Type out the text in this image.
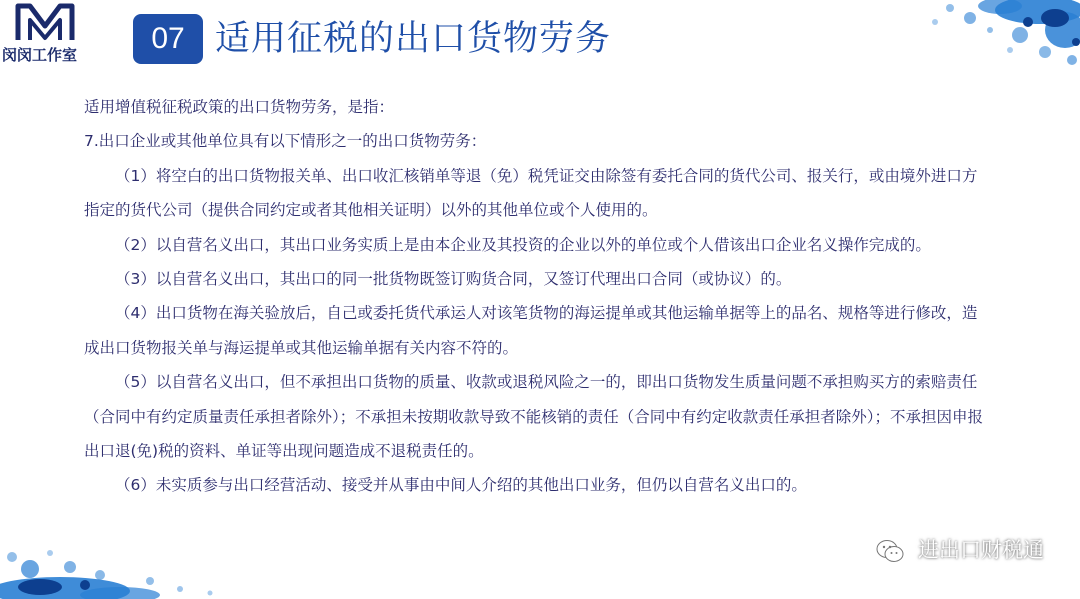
闵闵工作室	07 适用征税的出口货物劳务

适用增值税征税政策的出口货物劳务，是指：

7.出口企业或其他单位具有以下情形之一的出口货物劳务：

（1）将空白的出口货物报关单、出口收汇核销单等退（免）税凭证交由除签有委托合同的货代公司、报关行，或由境外进口方指定的货代公司（提供合同约定或者其他相关证明）以外的其他单位或个人使用的。

（2）以自营名义出口，其出口业务实质上是由本企业及其投资的企业以外的单位或个人借该出口企业名义操作完成的。

（3）以自营名义出口，其出口的同一批货物既签订购货合同，又签订代理出口合同（或协议）的。

（4）出口货物在海关验放后，自己或委托货代承运人对该笔货物的海运提单或其他运输单据等上的品名、规格等进行修改，造成出口货物报关单与海运提单或其他运输单据有关内容不符的。

（5）以自营名义出口，但不承担出口货物的质量、收款或退税风险之一的，即出口货物发生质量问题不承担购买方的索赔责任（合同中有约定质量责任承担者除外）；不承担未按期收款导致不能核销的责任（合同中有约定收款责任承担者除外）；不承担因申报出口退(免)税的资料、单证等出现问题造成不退税责任的。

（6）未实质参与出口经营活动、接受并从事由中间人介绍的其他出口业务，但仍以自营名义出口的。

进出口财税通
